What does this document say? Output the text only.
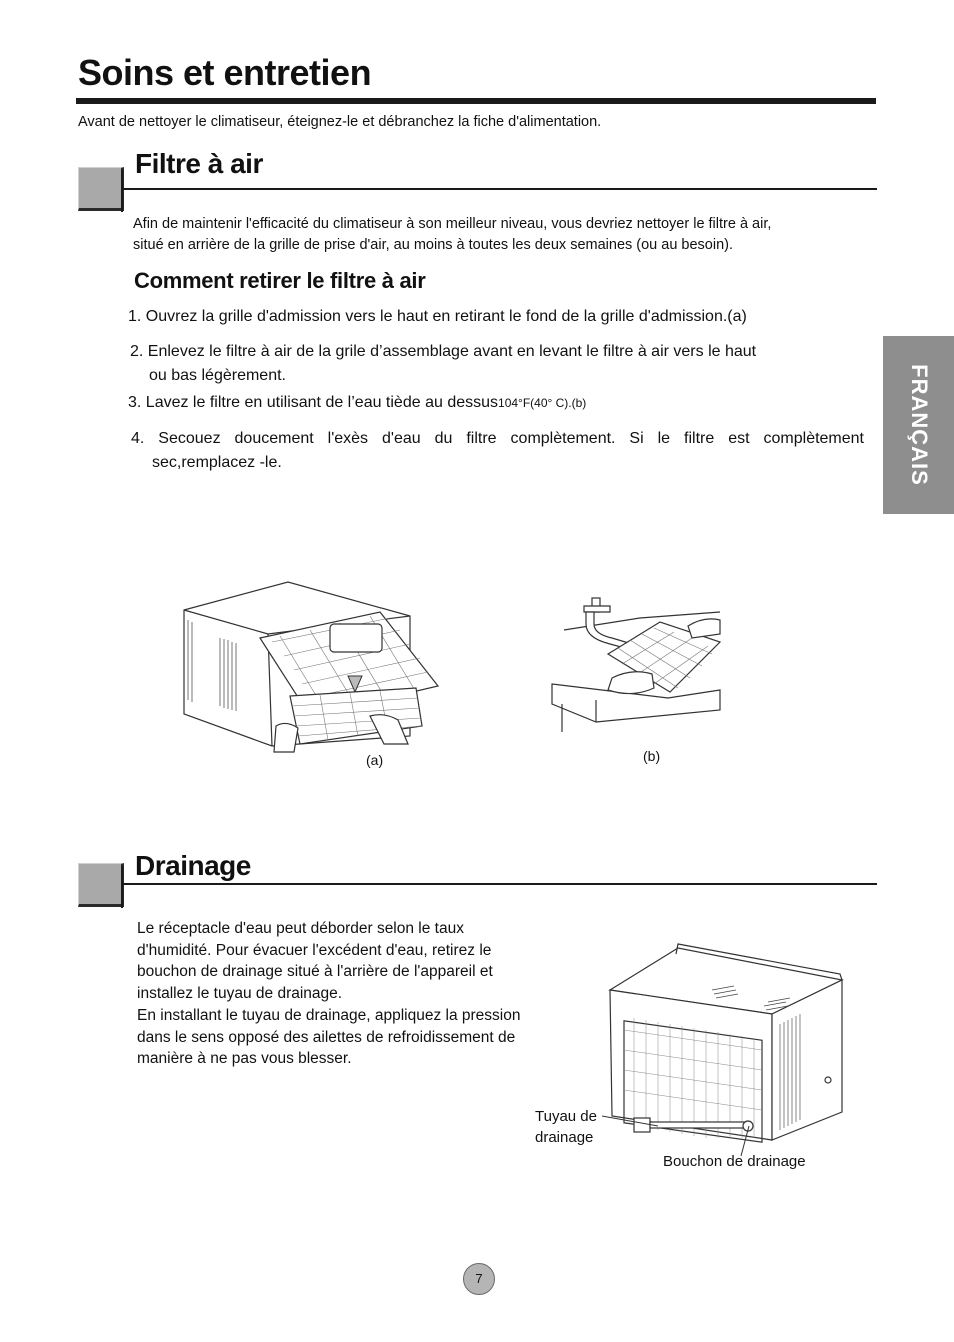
Soins et entretien
Avant de nettoyer le climatiseur, éteignez-le et débranchez la fiche d'alimentation.
FRANÇAIS
Filtre à air
Afin de maintenir l'efficacité du climatiseur à son meilleur niveau, vous devriez nettoyer le filtre à air,
situé en arrière de la grille de prise d'air, au moins à toutes les deux semaines (ou au besoin).
Comment retirer le filtre à air
1. Ouvrez la grille d'admission vers le haut en retirant le fond de la grille d'admission.(a)
2. Enlevez le filtre à air de la grile d’assemblage avant en levant le filtre à air vers le haut
ou bas légèrement.
3. Lavez le filtre en utilisant de l’eau tiède au dessus104°F(40° C).(b)
4. Secouez doucement l'exès d'eau du filtre complètement. Si le filtre est complètement
sec,remplacez -le.
(a)	(b)
Drainage
Le réceptacle d'eau peut déborder selon le taux
d'humidité. Pour évacuer l'excédent d'eau, retirez le
bouchon de drainage situé à l'arrière de l'appareil et
installez le tuyau de drainage.
En installant le tuyau de drainage, appliquez la pression
dans le sens opposé des ailettes de refroidissement de
manière à ne pas vous blesser.
Tuyau de
drainage
Bouchon de drainage
7
